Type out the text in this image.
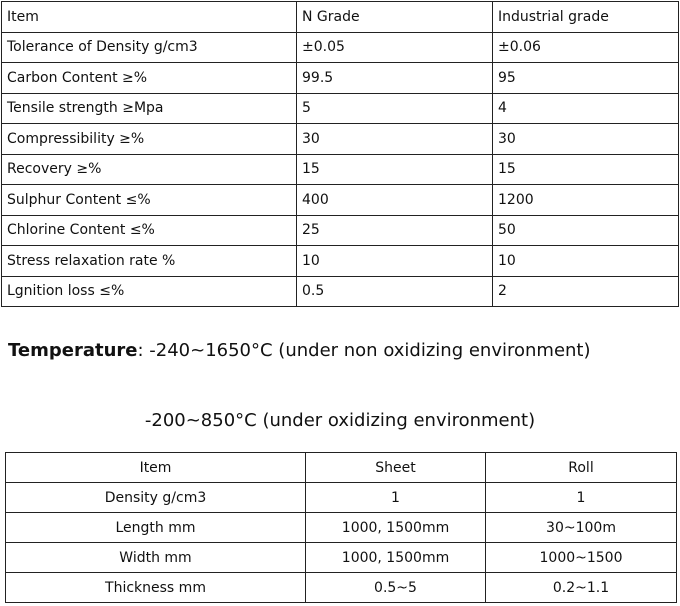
Item	N Grade	Industrial grade
Tolerance of Density g/cm3	±0.05	±0.06
Carbon Content ≥%	99.5	95
Tensile strength ≥Mpa	5	4
Compressibility ≥%	30	30
Recovery ≥%	15	15
Sulphur Content ≤%	400	1200
Chlorine Content ≤%	25	50
Stress relaxation rate %	10	10
Lgnition loss ≤%	0.5	2
Temperature: -240~1650°C (under non oxidizing environment)
-200~850°C (under oxidizing environment)
Item	Sheet	Roll
Density g/cm3	1	1
Length mm	1000, 1500mm	30~100m
Width mm	1000, 1500mm	1000~1500
Thickness mm	0.5~5	0.2~1.1
